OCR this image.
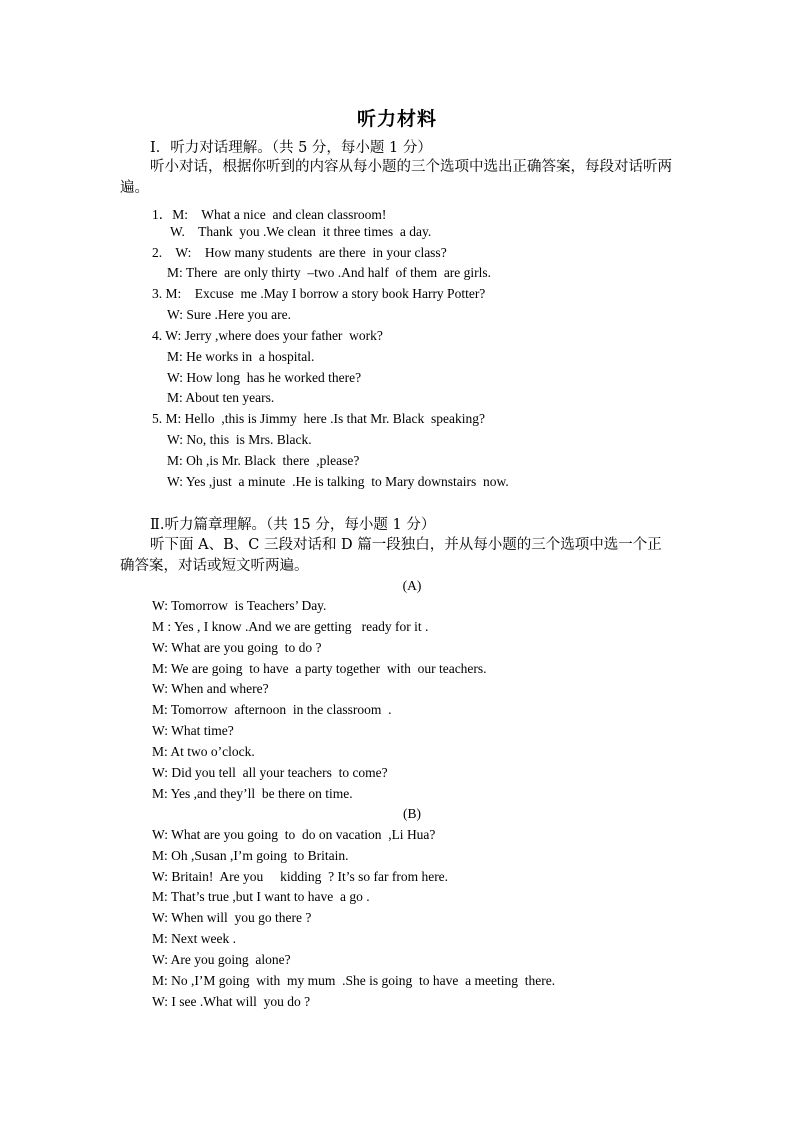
听力材料
I．听力对话理解。（共 5 分，每小题 1 分）
听小对话，根据你听到的内容从每小题的三个选项中选出正确答案，每段对话听两遍。
1．M:    What a nice  and clean classroom!
W.    Thank  you .We clean  it three times  a day.
2.    W:    How many students  are there  in your class?
M: There  are only thirty  –two .And half  of them  are girls.
3. M:    Excuse  me .May I borrow a story book Harry Potter?
W: Sure .Here you are.
4. W: Jerry ,where does your father  work?
M: He works in  a hospital.
W: How long  has he worked there?
M: About ten years.
5. M: Hello  ,this is Jimmy  here .Is that Mr. Black  speaking?
W: No, this  is Mrs. Black.
M: Oh ,is Mr. Black  there  ,please?
W: Yes ,just  a minute  .He is talking  to Mary downstairs  now.
Ⅱ.听力篇章理解。（共 15 分，每小题 1 分）
听下面 A、B、C 三段对话和 D 篇一段独白，并从每小题的三个选项中选一个正确答案，对话或短文听两遍。
(A)
W: Tomorrow  is Teachers’ Day.
M : Yes , I know .And we are getting   ready for it .
W: What are you going  to do ?
M: We are going  to have  a party together  with  our teachers.
W: When and where?
M: Tomorrow  afternoon  in the classroom  .
W: What time?
M: At two o’clock.
W: Did you tell  all your teachers  to come?
M: Yes ,and they’ll  be there on time.
(B)
W: What are you going  to  do on vacation  ,Li Hua?
M: Oh ,Susan ,I’m going  to Britain.
W: Britain!  Are you     kidding  ? It’s so far from here.
M: That’s true ,but I want to have  a go .
W: When will  you go there ?
M: Next week .
W: Are you going  alone?
M: No ,I’M going  with  my mum  .She is going  to have  a meeting  there.
W: I see .What will  you do ?
